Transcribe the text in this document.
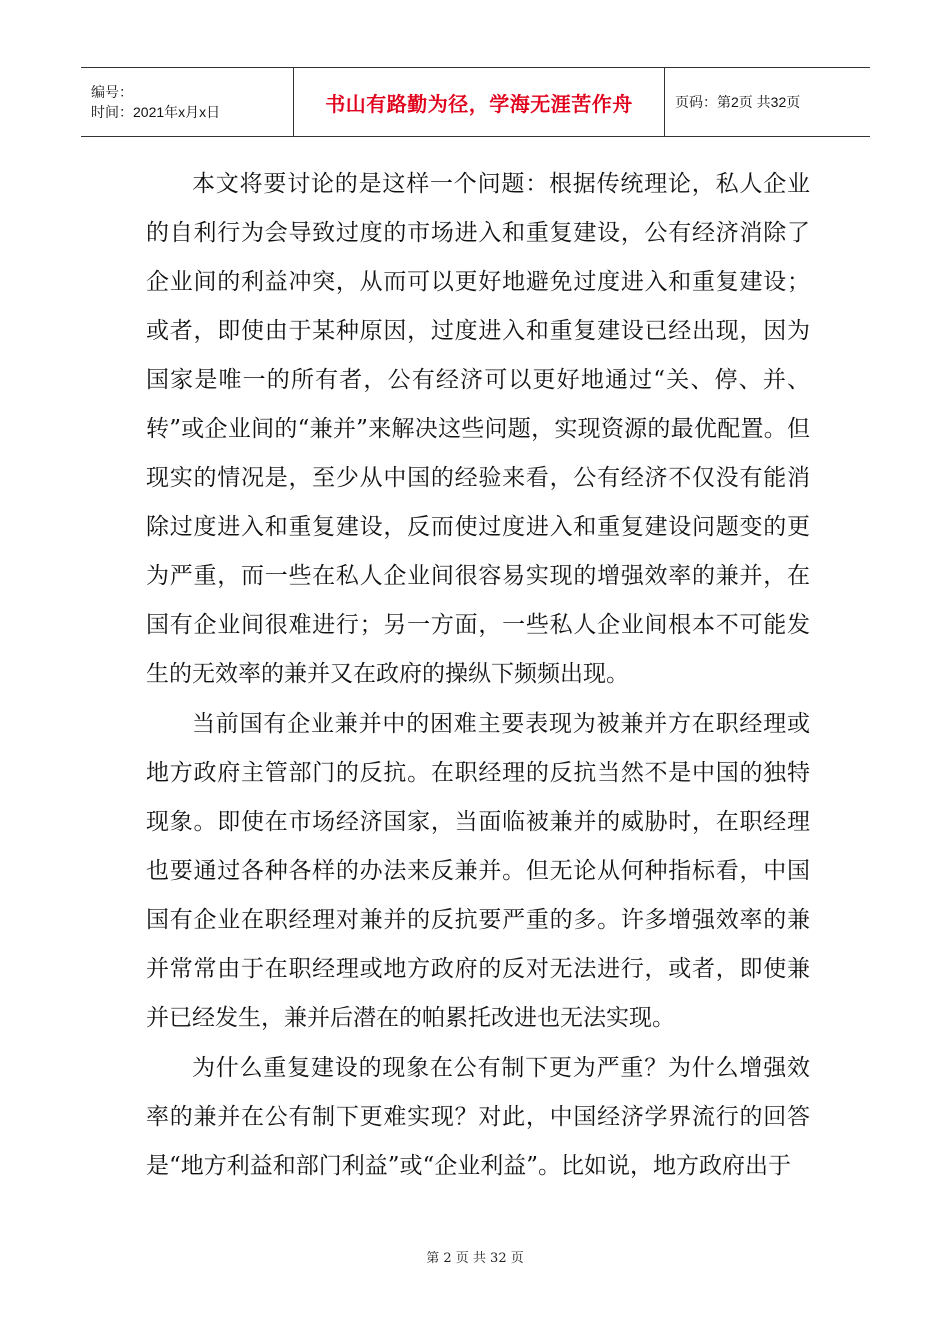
编号：
时间：2021年x月x日	书山有路勤为径，学海无涯苦作舟	页码：第2页 共32页

本文将要讨论的是这样一个问题：根据传统理论，私人企业的自利行为会导致过度的市场进入和重复建设，公有经济消除了企业间的利益冲突，从而可以更好地避免过度进入和重复建设；或者，即使由于某种原因，过度进入和重复建设已经出现，因为国家是唯一的所有者，公有经济可以更好地通过“关、停、并、转”或企业间的“兼并”来解决这些问题，实现资源的最优配置。但现实的情况是，至少从中国的经验来看，公有经济不仅没有能消除过度进入和重复建设，反而使过度进入和重复建设问题变的更为严重，而一些在私人企业间很容易实现的增强效率的兼并，在国有企业间很难进行；另一方面，一些私人企业间根本不可能发生的无效率的兼并又在政府的操纵下频频出现。

当前国有企业兼并中的困难主要表现为被兼并方在职经理或地方政府主管部门的反抗。在职经理的反抗当然不是中国的独特现象。即使在市场经济国家，当面临被兼并的威胁时，在职经理也要通过各种各样的办法来反兼并。但无论从何种指标看，中国国有企业在职经理对兼并的反抗要严重的多。许多增强效率的兼并常常由于在职经理或地方政府的反对无法进行，或者，即使兼并已经发生，兼并后潜在的帕累托改进也无法实现。

为什么重复建设的现象在公有制下更为严重？为什么增强效率的兼并在公有制下更难实现？对此，中国经济学界流行的回答是“地方利益和部门利益”或“企业利益”。比如说，地方政府出于

第 2 页 共 32 页
